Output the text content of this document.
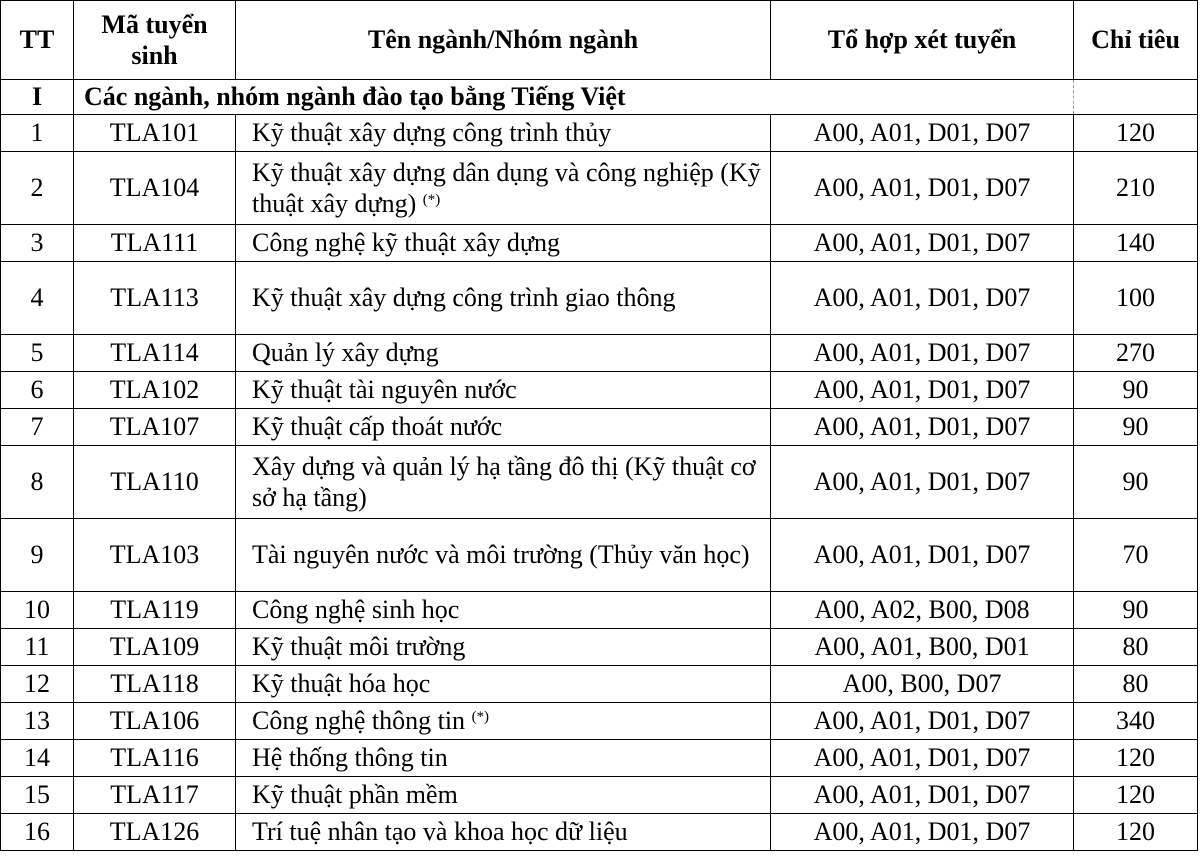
TT	Mã tuyển sinh	Tên ngành/Nhóm ngành	Tổ hợp xét tuyển	Chỉ tiêu
I	Các ngành, nhóm ngành đào tạo bằng Tiếng Việt			
1	TLA101	Kỹ thuật xây dựng công trình thủy	A00, A01, D01, D07	120
2	TLA104	Kỹ thuật xây dựng dân dụng và công nghiệp (Kỹ thuật xây dựng) (*)	A00, A01, D01, D07	210
3	TLA111	Công nghệ kỹ thuật xây dựng	A00, A01, D01, D07	140
4	TLA113	Kỹ thuật xây dựng công trình giao thông	A00, A01, D01, D07	100
5	TLA114	Quản lý xây dựng	A00, A01, D01, D07	270
6	TLA102	Kỹ thuật tài nguyên nước	A00, A01, D01, D07	90
7	TLA107	Kỹ thuật cấp thoát nước	A00, A01, D01, D07	90
8	TLA110	Xây dựng và quản lý hạ tầng đô thị (Kỹ thuật cơ sở hạ tầng)	A00, A01, D01, D07	90
9	TLA103	Tài nguyên nước và môi trường (Thủy văn học)	A00, A01, D01, D07	70
10	TLA119	Công nghệ sinh học	A00, A02, B00, D08	90
11	TLA109	Kỹ thuật môi trường	A00, A01, B00, D01	80
12	TLA118	Kỹ thuật hóa học	A00, B00, D07	80
13	TLA106	Công nghệ thông tin (*)	A00, A01, D01, D07	340
14	TLA116	Hệ thống thông tin	A00, A01, D01, D07	120
15	TLA117	Kỹ thuật phần mềm	A00, A01, D01, D07	120
16	TLA126	Trí tuệ nhân tạo và khoa học dữ liệu	A00, A01, D01, D07	120
